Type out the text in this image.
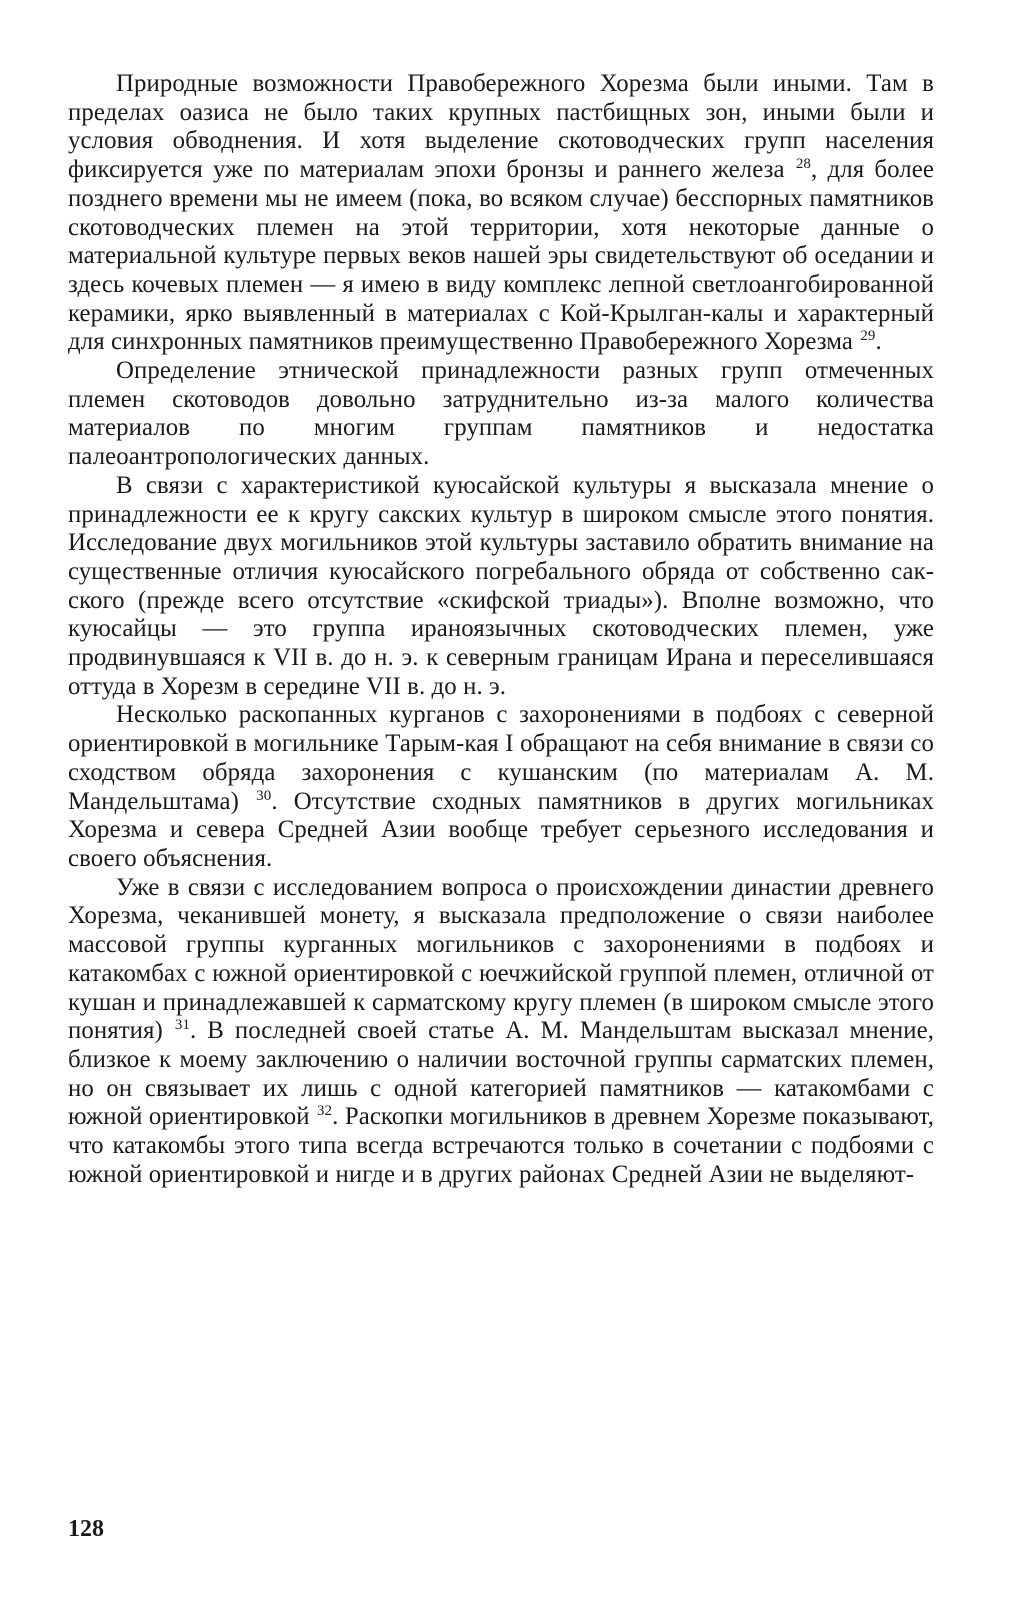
Природные возможности Правобережного Хорезма были иными. Там в пределах оазиса не было таких крупных пастбищных зон, иными были и условия обводнения. И хотя выделение скотоводческих групп населения фиксируется уже по материалам эпохи бронзы и раннего железа $^{28}$, для более позднего времени мы не имеем (пока, во всяком случае) бесспорных памятников скотоводческих племен на этой территории, хотя некоторые данные о материальной культуре первых веков нашей эры свидетельствуют об оседании и здесь кочевых племен — я имею в виду комплекс лепной светлоангобированной керамики, ярко выявленный в материалах с Кой-Крылган-калы и характерный для синхронных памятников преимущественно Правобережного Хорезма $^{29}$.

Определение этнической принадлежности разных групп отмеченных племен скотоводов довольно затруднительно из-за малого количества материалов по многим группам памятников и недостатка палеоантропологических данных.

В связи с характеристикой куюсайской культуры я высказала мнение о принадлежности ее к кругу сакских культур в широком смысле этого понятия. Исследование двух могильников этой культуры заставило обратить внимание на существенные отличия куюсайского погребального обряда от собственно сакского (прежде всего отсутствие «скифской триады»). Вполне возможно, что куюсайцы — это группа ираноязычных скотоводческих племен, уже продвинувшаяся к VII в. до н. э. к северным границам Ирана и переселившаяся оттуда в Хорезм в середине VII в. до н. э.

Несколько раскопанных курганов с захоронениями в подбоях с северной ориентировкой в могильнике Тарым-кая I обращают на себя внимание в связи со сходством обряда захоронения с кушанским (по материалам А. М. Мандельштама) $^{30}$. Отсутствие сходных памятников в других могильниках Хорезма и севера Средней Азии вообще требует серьезного исследования и своего объяснения.

Уже в связи с исследованием вопроса о происхождении династии древнего Хорезма, чеканившей монету, я высказала предположение о связи наиболее массовой группы курганных могильников с захоронениями в подбоях и катакомбах с южной ориентировкой с юечжийской группой племен, отличной от кушан и принадлежавшей к сарматскому кругу племен (в широком смысле этого понятия) $^{31}$. В последней своей статье А. М. Мандельштам высказал мнение, близкое к моему заключению о наличии восточной группы сарматских племен, но он связывает их лишь с одной категорией памятников — катакомбами с южной ориентировкой $^{32}$. Раскопки могильников в древнем Хорезме показывают, что катакомбы этого типа всегда встречаются только в сочетании с подбоями с южной ориентировкой и нигде и в других районах Средней Азии не выделяют-

128
